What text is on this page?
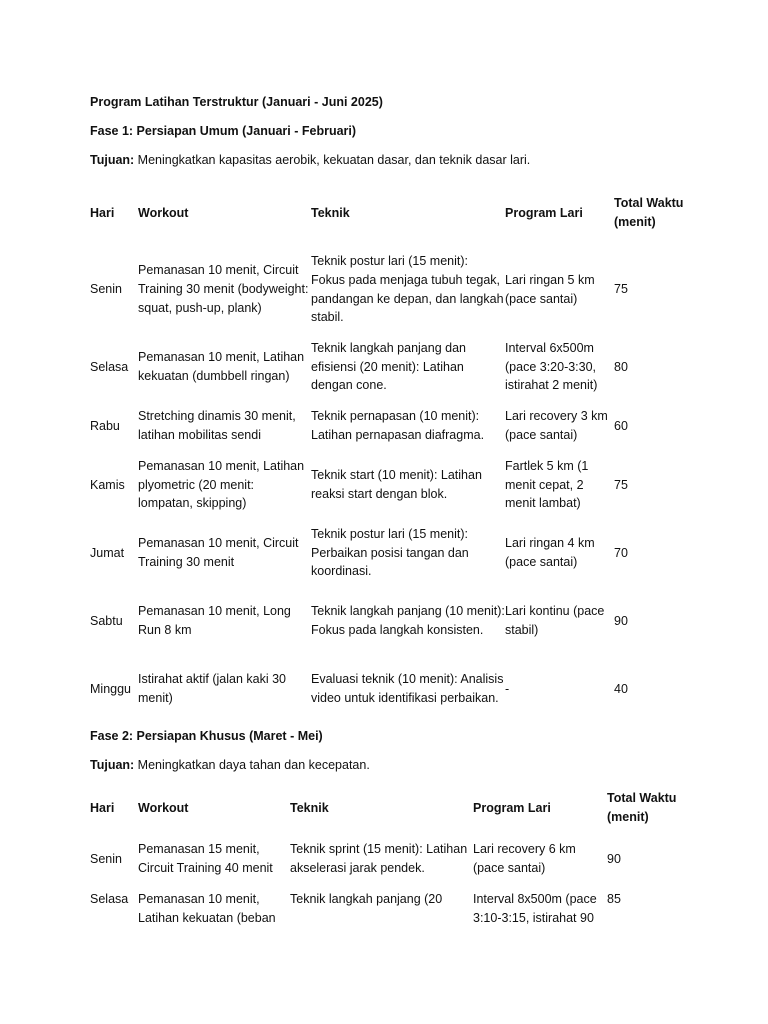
Program Latihan Terstruktur (Januari - Juni 2025)
Fase 1: Persiapan Umum (Januari - Februari)
Tujuan: Meningkatkan kapasitas aerobik, kekuatan dasar, dan teknik dasar lari.
Hari	Workout	Teknik	Program Lari	Total Waktu (menit)
Senin	Pemanasan 10 menit, Circuit Training 30 menit (bodyweight: squat, push-up, plank)	Teknik postur lari (15 menit): Fokus pada menjaga tubuh tegak, pandangan ke depan, dan langkah stabil.	Lari ringan 5 km (pace santai)	75
Selasa	Pemanasan 10 menit, Latihan kekuatan (dumbbell ringan)	Teknik langkah panjang dan efisiensi (20 menit): Latihan dengan cone.	Interval 6x500m (pace 3:20-3:30, istirahat 2 menit)	80
Rabu	Stretching dinamis 30 menit, latihan mobilitas sendi	Teknik pernapasan (10 menit): Latihan pernapasan diafragma.	Lari recovery 3 km (pace santai)	60
Kamis	Pemanasan 10 menit, Latihan plyometric (20 menit: lompatan, skipping)	Teknik start (10 menit): Latihan reaksi start dengan blok.	Fartlek 5 km (1 menit cepat, 2 menit lambat)	75
Jumat	Pemanasan 10 menit, Circuit Training 30 menit	Teknik postur lari (15 menit): Perbaikan posisi tangan dan koordinasi.	Lari ringan 4 km (pace santai)	70
Sabtu	Pemanasan 10 menit, Long Run 8 km	Teknik langkah panjang (10 menit): Fokus pada langkah konsisten.	Lari kontinu (pace stabil)	90
Minggu	Istirahat aktif (jalan kaki 30 menit)	Evaluasi teknik (10 menit): Analisis video untuk identifikasi perbaikan.	-	40
Fase 2: Persiapan Khusus (Maret - Mei)
Tujuan: Meningkatkan daya tahan dan kecepatan.
Hari	Workout	Teknik	Program Lari	Total Waktu (menit)
Senin	Pemanasan 15 menit, Circuit Training 40 menit	Teknik sprint (15 menit): Latihan akselerasi jarak pendek.	Lari recovery 6 km (pace santai)	90
Selasa	Pemanasan 10 menit, Latihan kekuatan (beban	Teknik langkah panjang (20	Interval 8x500m (pace 3:10-3:15, istirahat 90	85
